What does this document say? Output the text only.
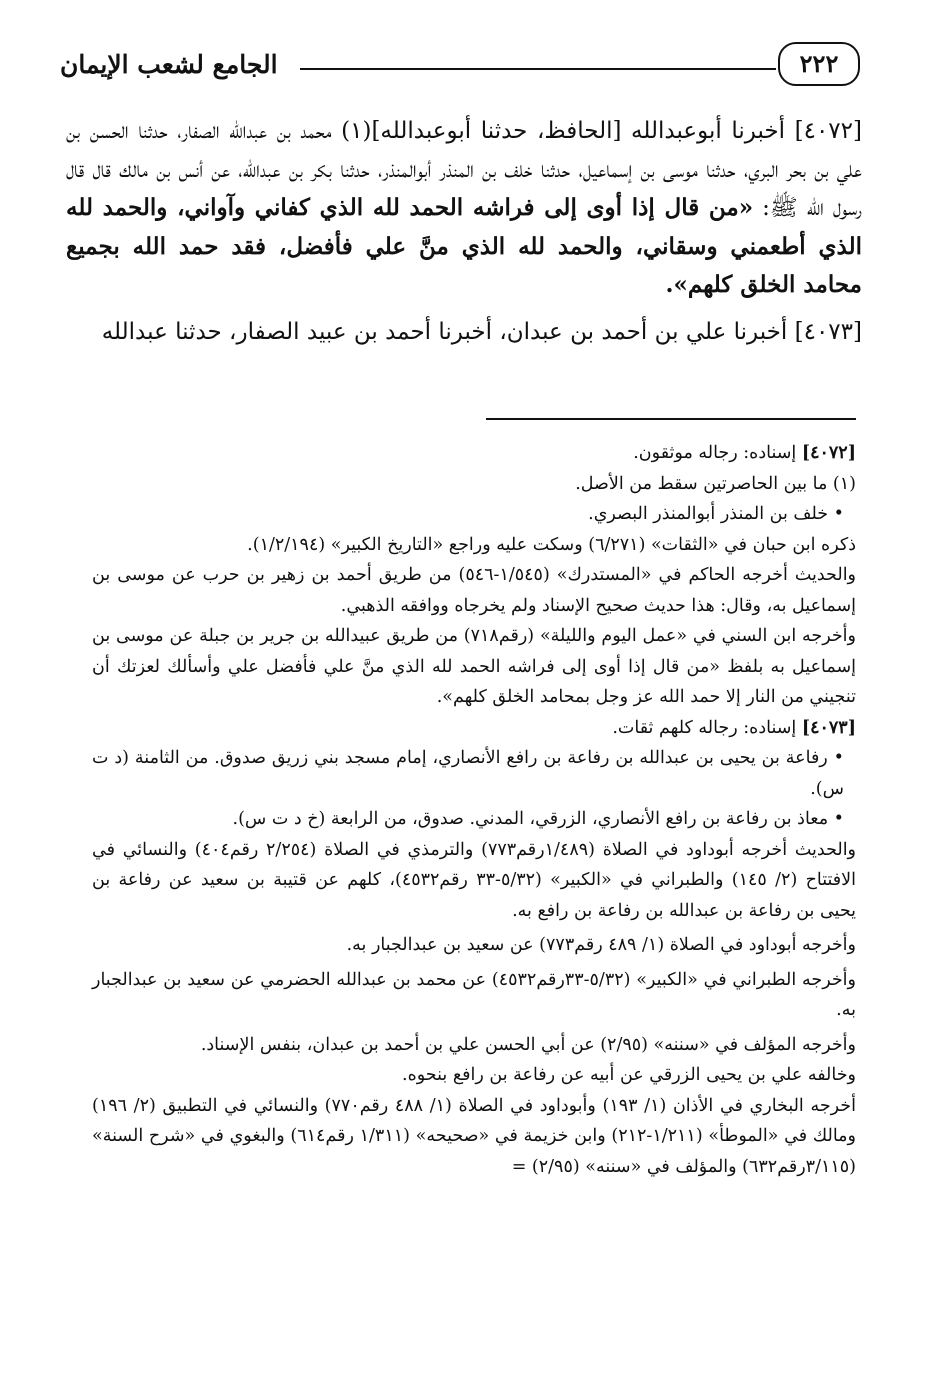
٢٢٢
الجامع لشعب الإيمان

[٤٠٧٢] أخبرنا أبوعبدالله [الحافظ، حدثنا أبوعبدالله](١) محمد بن عبدالله الصفار، حدثنا الحسن بن علي بن بحر البري، حدثنا موسى بن إسماعيل، حدثنا خلف بن المنذر أبوالمنذر، حدثنا بكر بن عبدالله، عن أنس بن مالك قال قال رسول الله ﷺ: «من قال إذا أوى إلى فراشه الحمد لله الذي كفاني وآواني، والحمد لله الذي أطعمني وسقاني، والحمد لله الذي منَّ علي فأفضل، فقد حمد الله بجميع محامد الخلق كلهم».

[٤٠٧٣] أخبرنا علي بن أحمد بن عبدان، أخبرنا أحمد بن عبيد الصفار، حدثنا عبدالله

[٤٠٧٢] إسناده: رجاله موثقون.

(١) ما بين الحاصرتين سقط من الأصل.

• خلف بن المنذر أبوالمنذر البصري.

ذكره ابن حبان في «الثقات» (٦/٢٧١) وسكت عليه وراجع «التاريخ الكبير» (١/٢/١٩٤).

والحديث أخرجه الحاكم في «المستدرك» (١/٥٤٥-٥٤٦) من طريق أحمد بن زهير بن حرب عن موسى بن إسماعيل به، وقال: هذا حديث صحيح الإسناد ولم يخرجاه ووافقه الذهبي.

وأخرجه ابن السني في «عمل اليوم والليلة» (رقم٧١٨) من طريق عبيدالله بن جرير بن جبلة عن موسى بن إسماعيل به بلفظ «من قال إذا أوى إلى فراشه الحمد لله الذي منَّ علي فأفضل علي وأسألك لعزتك أن تنجيني من النار إلا حمد الله عز وجل بمحامد الخلق كلهم».

[٤٠٧٣] إسناده: رجاله كلهم ثقات.

• رفاعة بن يحيى بن عبدالله بن رفاعة بن رافع الأنصاري، إمام مسجد بني زريق صدوق. من الثامنة (د ت س).

• معاذ بن رفاعة بن رافع الأنصاري، الزرقي، المدني. صدوق، من الرابعة (خ د ت س).

والحديث أخرجه أبوداود في الصلاة (١/٤٨٩رقم٧٧٣) والترمذي في الصلاة (٢/٢٥٤ رقم٤٠٤) والنسائي في الافتتاح (٢/ ١٤٥) والطبراني في «الكبير» (٥/٣٢-٣٣ رقم٤٥٣٢)، كلهم عن قتيبة بن سعيد عن رفاعة بن يحيى بن رفاعة بن عبدالله بن رفاعة بن رافع به.

وأخرجه أبوداود في الصلاة (١/ ٤٨٩ رقم٧٧٣) عن سعيد بن عبدالجبار به.

وأخرجه الطبراني في «الكبير» (٥/٣٢-٣٣رقم٤٥٣٢) عن محمد بن عبدالله الحضرمي عن سعيد بن عبدالجبار به.

وأخرجه المؤلف في «سننه» (٢/٩٥) عن أبي الحسن علي بن أحمد بن عبدان، بنفس الإسناد.

وخالفه علي بن يحيى الزرقي عن أبيه عن رفاعة بن رافع بنحوه.

أخرجه البخاري في الأذان (١/ ١٩٣) وأبوداود في الصلاة (١/ ٤٨٨ رقم٧٧٠) والنسائي في التطبيق (٢/ ١٩٦) ومالك في «الموطأ» (١/٢١١-٢١٢) وابن خزيمة في «صحيحه» (١/٣١١ رقم٦١٤) والبغوي في «شرح السنة» (٣/١١٥رقم٦٣٢) والمؤلف في «سننه» (٢/٩٥) =
